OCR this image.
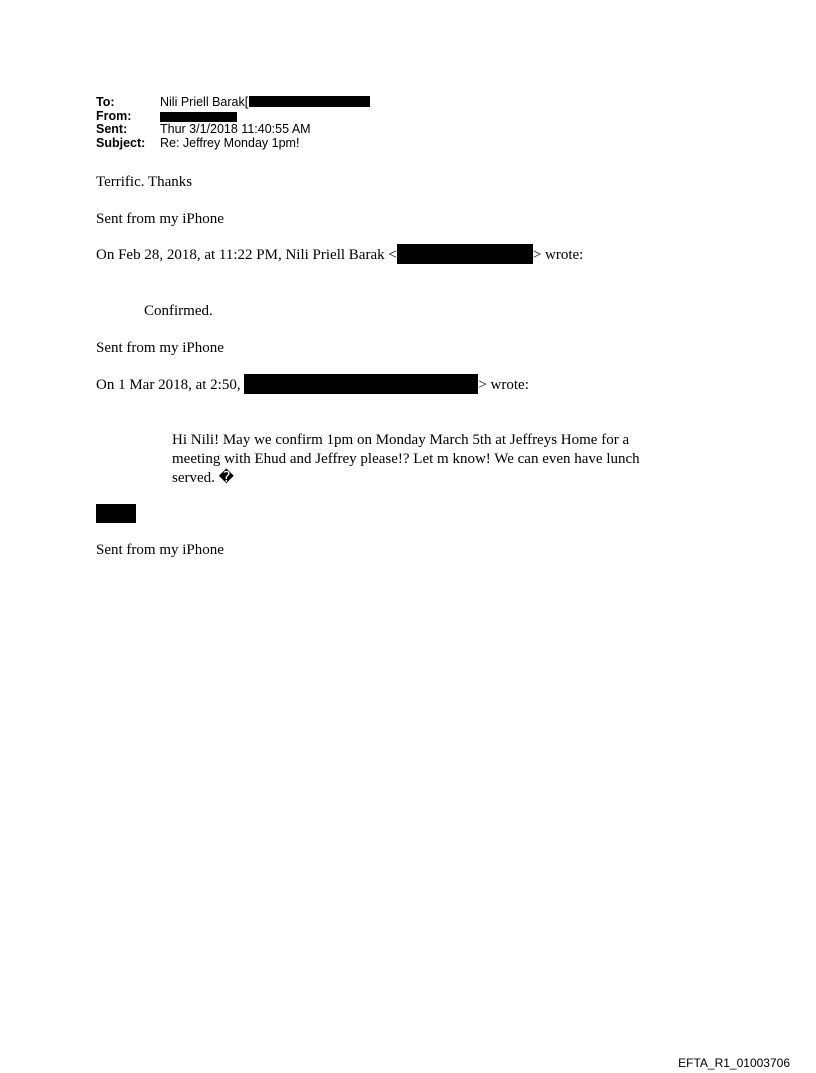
To:	Nili Priell Barak[
From:
Sent:	Thur 3/1/2018 11:40:55 AM
Subject:	Re: Jeffrey Monday 1pm!
Terrific. Thanks
Sent from my iPhone
On Feb 28, 2018, at 11:22 PM, Nili Priell Barak <	> wrote:
Confirmed.
Sent from my iPhone
On 1 Mar 2018, at 2:50,	> wrote:
Hi Nili! May we confirm 1pm on Monday March 5th at Jeffreys Home for a meeting with Ehud and Jeffrey please!? Let m know! We can even have lunch served. �
Sent from my iPhone
EFTA_R1_01003706
